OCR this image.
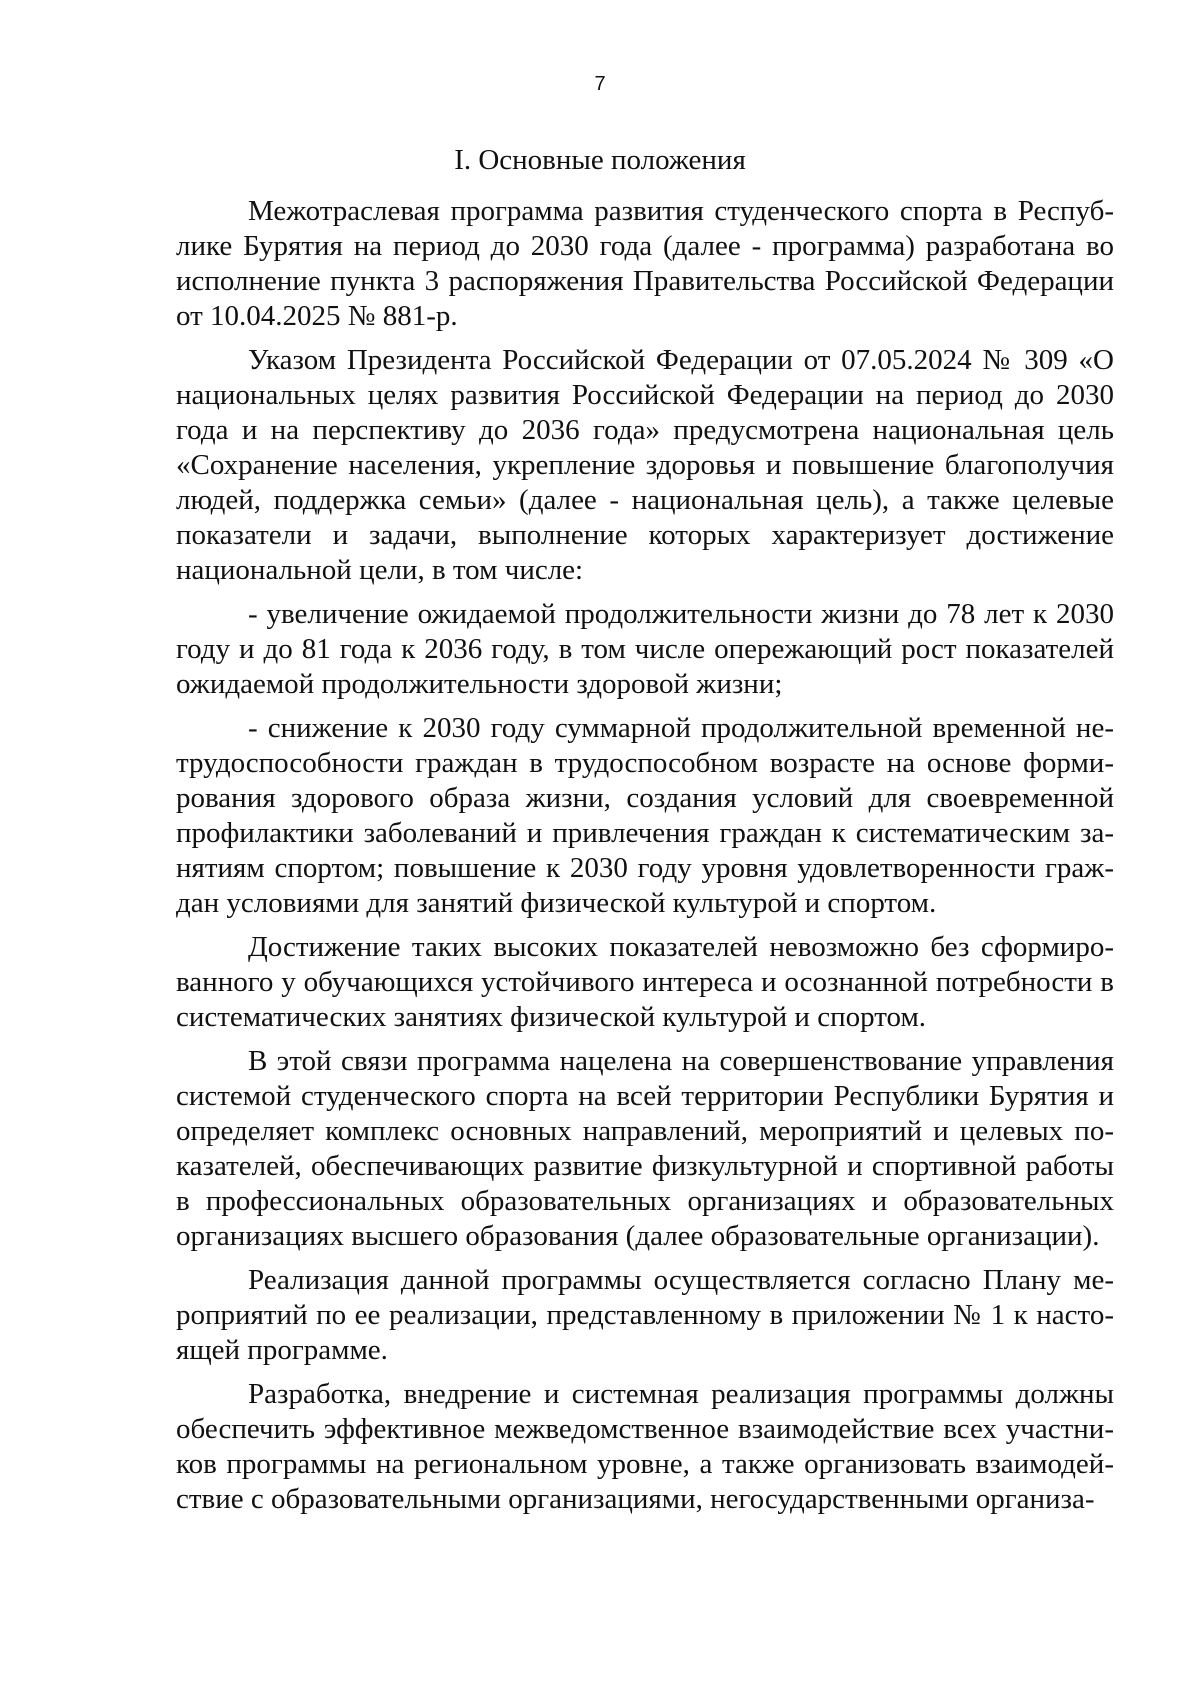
7
I. Основные положения

Межотраслевая программа развития студенческого спорта в Республике Бурятия на период до 2030 года (далее - программа) разработана во исполнение пункта 3 распоряжения Правительства Российской Федерации от 10.04.2025 № 881-р.

Указом Президента Российской Федерации от 07.05.2024 № 309 «О национальных целях развития Российской Федерации на период до 2030 года и на перспективу до 2036 года» предусмотрена национальная цель «Сохранение населения, укрепление здоровья и повышение благополучия людей, поддержка семьи» (далее - национальная цель), а также целевые показатели и задачи, выполнение которых характеризует достижение национальной цели, в том числе:

- увеличение ожидаемой продолжительности жизни до 78 лет к 2030 году и до 81 года к 2036 году, в том числе опережающий рост показателей ожидаемой продолжительности здоровой жизни;

- снижение к 2030 году суммарной продолжительной временной нетрудоспособности граждан в трудоспособном возрасте на основе формирования здорового образа жизни, создания условий для своевременной профилактики заболеваний и привлечения граждан к систематическим занятиям спортом; повышение к 2030 году уровня удовлетворенности граждан условиями для занятий физической культурой и спортом.

Достижение таких высоких показателей невозможно без сформированного у обучающихся устойчивого интереса и осознанной потребности в систематических занятиях физической культурой и спортом.

В этой связи программа нацелена на совершенствование управления системой студенческого спорта на всей территории Республики Бурятия и определяет комплекс основных направлений, мероприятий и целевых показателей, обеспечивающих развитие физкультурной и спортивной работы в профессиональных образовательных организациях и образовательных организациях высшего образования (далее образовательные организации).

Реализация данной программы осуществляется согласно Плану мероприятий по ее реализации, представленному в приложении № 1 к настоящей программе.

Разработка, внедрение и системная реализация программы должны обеспечить эффективное межведомственное взаимодействие всех участников программы на региональном уровне, а также организовать взаимодействие с образовательными организациями, негосударственными организа-
